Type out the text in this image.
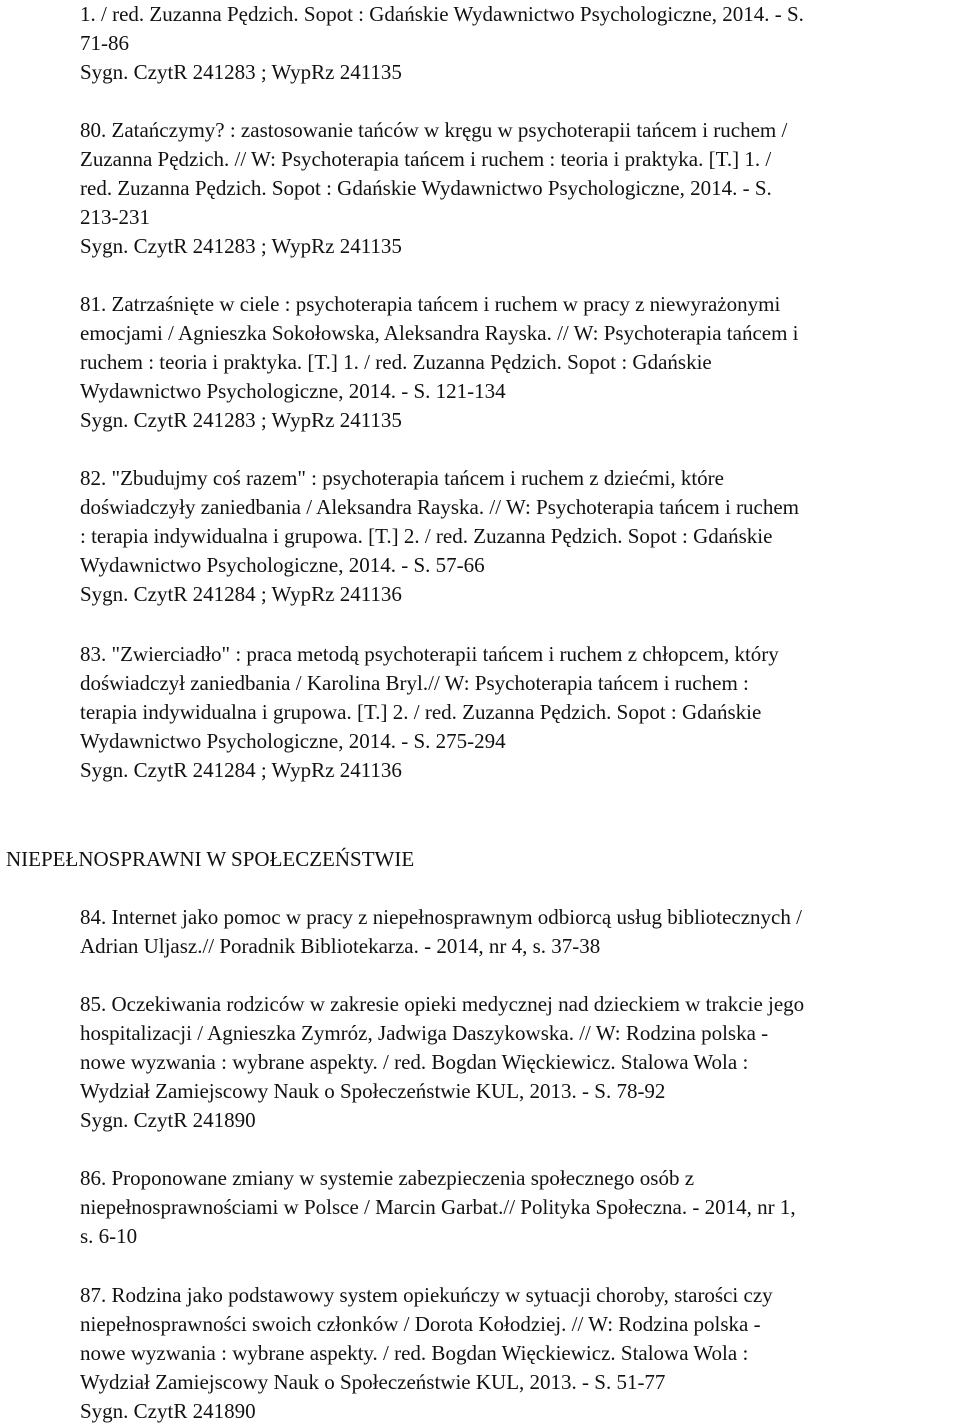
1. / red. Zuzanna Pędzich. Sopot : Gdańskie Wydawnictwo Psychologiczne, 2014. - S.
71-86
Sygn. CzytR 241283 ; WypRz 241135
80. Zatańczymy? : zastosowanie tańców w kręgu w psychoterapii tańcem i ruchem /
Zuzanna Pędzich. // W: Psychoterapia tańcem i ruchem : teoria i praktyka. [T.] 1. /
red. Zuzanna Pędzich. Sopot : Gdańskie Wydawnictwo Psychologiczne, 2014. - S.
213-231
Sygn. CzytR 241283 ; WypRz 241135
81. Zatrzaśnięte w ciele : psychoterapia tańcem i ruchem w pracy z niewyrażonymi
emocjami / Agnieszka Sokołowska, Aleksandra Rayska. // W: Psychoterapia tańcem i
ruchem : teoria i praktyka. [T.] 1. / red. Zuzanna Pędzich. Sopot : Gdańskie
Wydawnictwo Psychologiczne, 2014. - S. 121-134
Sygn. CzytR 241283 ; WypRz 241135
82. "Zbudujmy coś razem" : psychoterapia tańcem i ruchem z dziećmi, które
doświadczyły zaniedbania / Aleksandra Rayska. // W: Psychoterapia tańcem i ruchem
: terapia indywidualna i grupowa. [T.] 2. / red. Zuzanna Pędzich. Sopot : Gdańskie
Wydawnictwo Psychologiczne, 2014. - S. 57-66
Sygn. CzytR 241284 ; WypRz 241136
83. "Zwierciadło" : praca metodą psychoterapii tańcem i ruchem z chłopcem, który
doświadczył zaniedbania / Karolina Bryl.// W: Psychoterapia tańcem i ruchem :
terapia indywidualna i grupowa. [T.] 2. / red. Zuzanna Pędzich. Sopot : Gdańskie
Wydawnictwo Psychologiczne, 2014. - S. 275-294
Sygn. CzytR 241284 ; WypRz 241136
NIEPEŁNOSPRAWNI W SPOŁECZEŃSTWIE
84. Internet jako pomoc w pracy z niepełnosprawnym odbiorcą usług bibliotecznych /
Adrian Uljasz.// Poradnik Bibliotekarza. - 2014, nr 4, s. 37-38
85. Oczekiwania rodziców w zakresie opieki medycznej nad dzieckiem w trakcie jego
hospitalizacji / Agnieszka Zymróz, Jadwiga Daszykowska. // W: Rodzina polska -
nowe wyzwania : wybrane aspekty. / red. Bogdan Więckiewicz. Stalowa Wola :
Wydział Zamiejscowy Nauk o Społeczeństwie KUL, 2013. - S. 78-92
Sygn. CzytR 241890
86. Proponowane zmiany w systemie zabezpieczenia społecznego osób z
niepełnosprawnościami w Polsce / Marcin Garbat.// Polityka Społeczna. - 2014, nr 1,
s. 6-10
87. Rodzina jako podstawowy system opiekuńczy w sytuacji choroby, starości czy
niepełnosprawności swoich członków / Dorota Kołodziej. // W: Rodzina polska -
nowe wyzwania : wybrane aspekty. / red. Bogdan Więckiewicz. Stalowa Wola :
Wydział Zamiejscowy Nauk o Społeczeństwie KUL, 2013. - S. 51-77
Sygn. CzytR 241890
